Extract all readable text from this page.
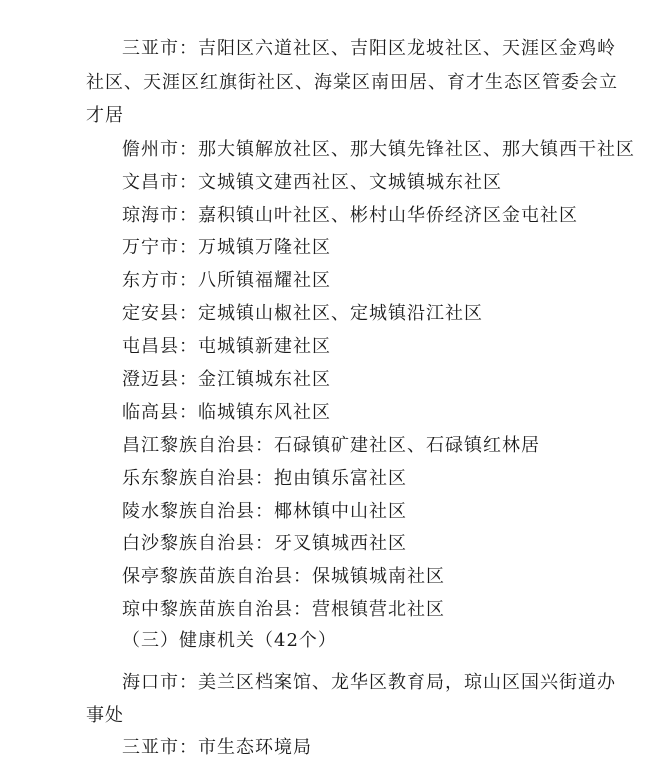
三亚市：吉阳区六道社区、吉阳区龙坡社区、天涯区金鸡岭
社区、天涯区红旗街社区、海棠区南田居、育才生态区管委会立
才居
儋州市：那大镇解放社区、那大镇先锋社区、那大镇西干社区
文昌市：文城镇文建西社区、文城镇城东社区
琼海市：嘉积镇山叶社区、彬村山华侨经济区金屯社区
万宁市：万城镇万隆社区
东方市：八所镇福耀社区
定安县：定城镇山椒社区、定城镇沿江社区
屯昌县：屯城镇新建社区
澄迈县：金江镇城东社区
临高县：临城镇东风社区
昌江黎族自治县：石碌镇矿建社区、石碌镇红林居
乐东黎族自治县：抱由镇乐富社区
陵水黎族自治县：椰林镇中山社区
白沙黎族自治县：牙叉镇城西社区
保亭黎族苗族自治县：保城镇城南社区
琼中黎族苗族自治县：营根镇营北社区
（三）健康机关（42个）
海口市：美兰区档案馆、龙华区教育局，琼山区国兴街道办
事处
三亚市：市生态环境局
